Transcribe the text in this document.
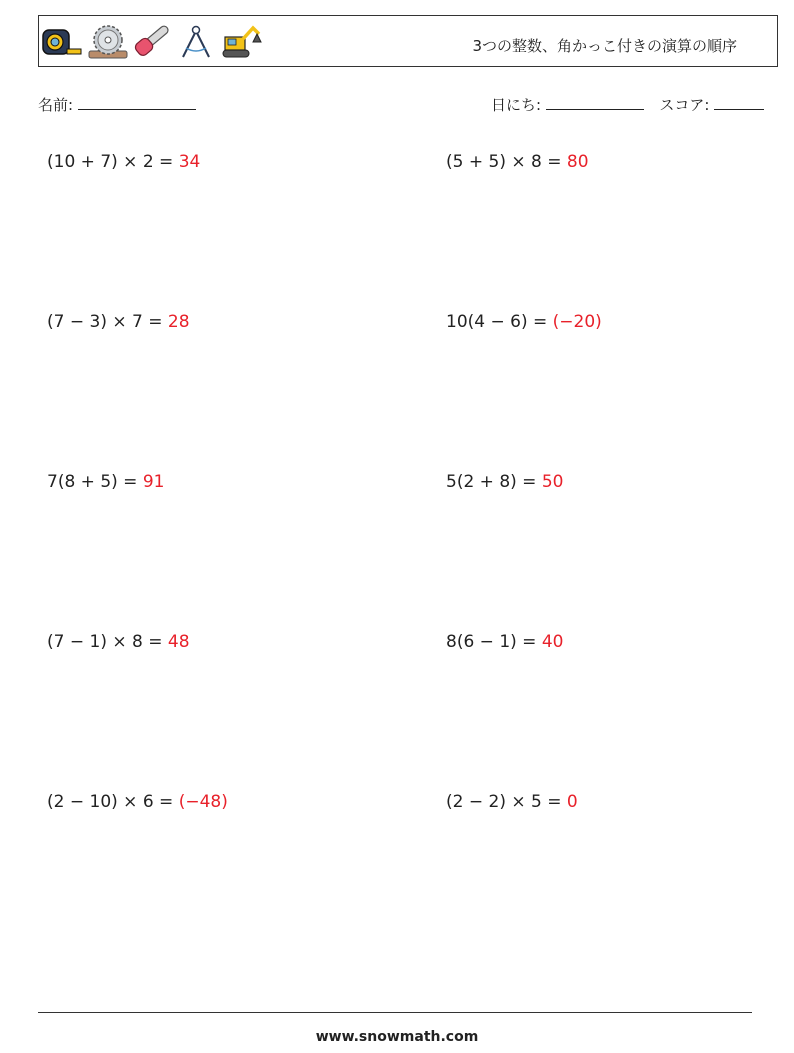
3つの整数、角かっこ付きの演算の順序
名前:	日にち:	スコア:
(10 + 7) × 2 = 34	(5 + 5) × 8 = 80
(7 − 3) × 7 = 28	10(4 − 6) = (−20)
7(8 + 5) = 91	5(2 + 8) = 50
(7 − 1) × 8 = 48	8(6 − 1) = 40
(2 − 10) × 6 = (−48)	(2 − 2) × 5 = 0
www.snowmath.com
